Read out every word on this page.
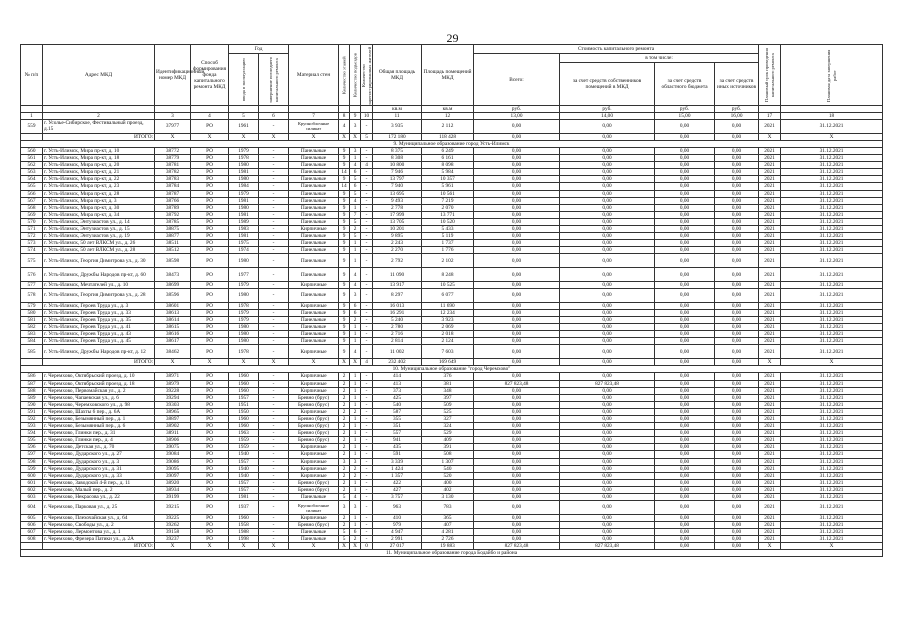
29
№ п/п	Адрес МКД	Идентификационный номер МКД	Способ формирования фонда капитального ремонта МКД	Год		Материал стен	Количество этажей	Количество подъездов	Количество зарегистрированных жителей	Общая площадь МКД	Площадь помещений МКД	Стоимость капитального ремонта				Плановый срок проведения капитального ремонта	Плановая дата завершения работ
				ввода в эксплуатацию	завершение последнего капитального ремонта							Всего:	в том числе:				
													за счет средств собственников помещений в МКД	за счет средств областного бюджета	за счет средств иных источников		
										кв.м	кв.м	руб.	руб.	руб.	руб.		
1	2	3	4	5	6	7	8	9	10	11	12	13,00	14,00	15,00	16,00	17	18
559	г. Усолье-Сибирское, Фестивальный проезд, д.15	37977	РО	1961	-	Крупноблочные силикат	4	3	-	3 935	2 112	0,00	0,00	0,00	0,00	2021	31.12.2021
	ИТОГО:	X	X	X	X	X	X	X	5	172 180	118 428	0,00	0,00	0,00	0,00	X	X
9. Муниципальное образование город Усть-Илимск																	
560	г. Усть-Илимск, Мира пр-кт, д. 10	38772	РО	1979	-	Панельные	9	3	-	8 375	6 249	0,00	0,00	0,00	0,00	2021	31.12.2021
561	г. Усть-Илимск, Мира пр-кт, д. 18	38779	РО	1978	-	Панельные	9	1	-	8 308	6 161	0,00	0,00	0,00	0,00	2021	31.12.2021
562	г. Усть-Илимск, Мира пр-кт, д. 20	38781	РО	1980	-	Панельные	9	4	4	10 800	8 098	0,00	0,00	0,00	0,00	2021	31.12.2021
563	г. Усть-Илимск, Мира пр-кт, д. 21	38782	РО	1981	-	Панельные	14	6	-	7 946	5 984	0,00	0,00	0,00	0,00	2021	31.12.2021
564	г. Усть-Илимск, Мира пр-кт, д. 22	38783	РО	1980	-	Панельные	9	5	-	13 797	10 357	0,00	0,00	0,00	0,00	2021	31.12.2021
565	г. Усть-Илимск, Мира пр-кт, д. 23	38784	РО	1984	-	Панельные	14	6	-	7 940	5 961	0,00	0,00	0,00	0,00	2021	31.12.2021
566	г. Усть-Илимск, Мира пр-кт, д. 28	38787	РО	1979	-	Панельные	9	5	-	13 695	10 561	0,00	0,00	0,00	0,00	2021	31.12.2021
567	г. Усть-Илимск, Мира пр-кт, д. 3	38766	РО	1981	-	Панельные	9	4	-	9 493	7 219	0,00	0,00	0,00	0,00	2021	31.12.2021
568	г. Усть-Илимск, Мира пр-кт, д. 30	38789	РО	1980	-	Панельные	9	1	-	2 778	2 070	0,00	0,00	0,00	0,00	2021	31.12.2021
569	г. Усть-Илимск, Мира пр-кт, д. 34	38792	РО	1981	-	Панельные	9	7	-	17 999	13 771	0,00	0,00	0,00	0,00	2021	31.12.2021
570	г. Усть-Илимск, Энтузиастов ул., д. 14	38785	РО	1989	-	Панельные	9	5	-	13 705	10 520	0,00	0,00	0,00	0,00	2021	31.12.2021
571	г. Усть-Илимск, Энтузиастов ул., д. 15	38875	РО	1983	-	Кирпичные	9	2	-	10 201	5 433	0,00	0,00	0,00	0,00	2021	31.12.2021
572	г. Усть-Илимск, Энтузиастов ул., д. 19	38877	РО	1981	-	Панельные	9	5	-	9 895	5 119	0,00	0,00	0,00	0,00	2021	31.12.2021
573	г. Усть-Илимск, 50 лет ВЛКСМ ул., д. 26	38511	РО	1975	-	Панельные	9	1	-	2 243	1 737	0,00	0,00	0,00	0,00	2021	31.12.2021
574	г. Усть-Илимск, 50 лет ВЛКСМ ул., д. 28	38512	РО	1974	-	Панельные	9	1	-	2 270	1 776	0,00	0,00	0,00	0,00	2021	31.12.2021
575	г. Усть-Илимск, Георгия Димитрова ул., д. 30	38598	РО	1980	-	Панельные	9	1	-	2 792	2 102	0,00	0,00	0,00	0,00	2021	31.12.2021
576	г. Усть-Илимск, Дружбы Народов пр-кт, д. 60	38473	РО	1977	-	Панельные	9	4	-	11 090	8 248	0,00	0,00	0,00	0,00	2021	31.12.2021
577	г. Усть-Илимск, Мечтателей ул., д. 10	38699	РО	1979	-	Кирпичные	9	4	-	13 917	10 525	0,00	0,00	0,00	0,00	2021	31.12.2021
578	г. Усть-Илимск, Георгия Димитрова ул., д. 28	38596	РО	1980	-	Панельные	9	3	-	8 297	6 077	0,00	0,00	0,00	0,00	2021	31.12.2021
579	г. Усть-Илимск, Героев Труда ул., д. 3	38601	РО	1978	-	Кирпичные	9	6	-	16 013	11 690	0,00	0,00	0,00	0,00	2021	31.12.2021
580	г. Усть-Илимск, Героев Труда ул., д. 33	38613	РО	1979	-	Панельные	9	6	-	16 291	12 234	0,00	0,00	0,00	0,00	2021	31.12.2021
581	г. Усть-Илимск, Героев Труда ул., д. 35	38614	РО	1979	-	Панельные	9	2	-	5 240	3 923	0,00	0,00	0,00	0,00	2021	31.12.2021
582	г. Усть-Илимск, Героев Труда ул., д. 41	38615	РО	1980	-	Панельные	9	1	-	2 780	2 069	0,00	0,00	0,00	0,00	2021	31.12.2021
583	г. Усть-Илимск, Героев Труда ул., д. 43	38616	РО	1980	-	Панельные	9	1	-	2 716	2 018	0,00	0,00	0,00	0,00	2021	31.12.2021
584	г. Усть-Илимск, Героев Труда ул., д. 45	38617	РО	1980	-	Панельные	9	1	-	2 814	2 124	0,00	0,00	0,00	0,00	2021	31.12.2021
585	г. Усть-Илимск, Дружбы Народов пр-кт, д. 12	38462	РО	1978	-	Кирпичные	9	4	-	11 002	7 603	0,00	0,00	0,00	0,00	2021	31.12.2021
	ИТОГО:	X	X	X	X	X	X	X	4	232 402	169 649	0,00	0,00	0,00	0,00	X	X
10. Муниципальное образование "город Черемхово"																	
586	г. Черемхово, Октябрьский проезд, д. 10	38971	РО	1960	-	Кирпичные	2	1	-	414	376	0,00	0,00	0,00	0,00	2021	31.12.2021
587	г. Черемхово, Октябрьский проезд, д. 18	38979	РО	1960	-	Кирпичные	2	1	-	413	381	827 823,48	827 823,48	0,00	0,00	2021	31.12.2021
588	г. Черемхово, Первомайская ул., д. 2	39228	РО	1960	-	Кирпичные	2	1	-	373	348	0,00	0,00	0,00	0,00	2021	31.12.2021
589	г. Черемхово, Чапаевская ул., д. 6	39294	РО	1957	-	Бревно (брус)	2	1	-	425	397	0,00	0,00	0,00	0,00	2021	31.12.2021
590	г. Черемхово, Черемховского ул., д. 98	39303	РО	1951	-	Бревно (брус)	2	1	-	540	509	0,00	0,00	0,00	0,00	2021	31.12.2021
591	г. Черемхово, Шахты 6 пер., д. 6А	38965	РО	1950	-	Кирпичные	2	2	-	587	525	0,00	0,00	0,00	0,00	2021	31.12.2021
592	г. Черемхово, Безымянный пер., д. 1	38897	РО	1960	-	Бревно (брус)	2	1	-	355	327	0,00	0,00	0,00	0,00	2021	31.12.2021
593	г. Черемхово, Безымянный пер., д. 6	38902	РО	1960	-	Бревно (брус)	2	1	-	351	324	0,00	0,00	0,00	0,00	2021	31.12.2021
594	г. Черемхово, Глинки пер., д. 31	38911	РО	1963	-	Бревно (брус)	2	1	-	557	529	0,00	0,00	0,00	0,00	2021	31.12.2021
595	г. Черемхово, Глинки пер., д. 4	38906	РО	1959	-	Бревно (брус)	2	1	-	941	409	0,00	0,00	0,00	0,00	2021	31.12.2021
596	г. Черемхово, Детская ул., д. 70	39075	РО	1959	-	Кирпичные	2	1	-	435	391	0,00	0,00	0,00	0,00	2021	31.12.2021
597	г. Черемхово, Дударского ул., д. 27	39084	РО	1940	-	Кирпичные	2	1	-	591	508	0,00	0,00	0,00	0,00	2021	31.12.2021
598	г. Черемхово, Дударского ул., д. 3	39086	РО	1957	-	Кирпичные	3	3	-	3 339	1 307	0,00	0,00	0,00	0,00	2021	31.12.2021
599	г. Черемхово, Дударского ул., д. 31	39095	РО	1940	-	Кирпичные	2	2	-	1 424	540	0,00	0,00	0,00	0,00	2021	31.12.2021
600	г. Черемхово, Дударского ул., д. 33	39097	РО	1940	-	Кирпичные	2	2	-	1 357	520	0,00	0,00	0,00	0,00	2021	31.12.2021
601	г. Черемхово, Заводской 4-й пер., д. 11	38920	РО	1957	-	Бревно (брус)	2	1	-	422	400	0,00	0,00	0,00	0,00	2021	31.12.2021
602	г. Черемхово, Малый пер., д. 2	38934	РО	1957	-	Бревно (брус)	2	1	-	427	402	0,00	0,00	0,00	0,00	2021	31.12.2021
603	г. Черемхово, Некрасова ул., д. 22	39199	РО	1981	-	Панельные	5	4	-	3 757	3 130	0,00	0,00	0,00	0,00	2021	31.12.2021
604	г. Черемхово, Парковая ул., д. 25	39215	РО	1937	-	Крупноблочные силикат	3	3	-	963	783	0,00	0,00	0,00	0,00	2021	31.12.2021
605	г. Черемхово, Плехочайская ул., д. 64	39225	РО	1960	-	Кирпичные	2	1	-	410	365	0,00	0,00	0,00	0,00	2021	31.12.2021
606	г. Черемхово, Свободы ул., д. 2	39262	РО	1958	-	Бревно (брус)	2	1	-	979	407	0,00	0,00	0,00	0,00	2021	31.12.2021
607	г. Черемхово, Лермонтова ул., д. 1	39158	РО	1988	-	Панельные	5	6	-	4 947	4 281	0,00	0,00	0,00	0,00	2021	31.12.2021
608	г. Черемхово, Фрезера Патики ул., д. 2А	39237	РО	1998	-	Панельные	5	2	-	2 991	2 726	0,00	0,00	0,00	0,00	2021	31.12.2021
	ИТОГО:	X	X	X	X	X	X	X	0	27 017	19 883	827 823,48	827 823,48	0,00	0,00	X	X
11. Муниципальное образование города Бодайбо и района																	
